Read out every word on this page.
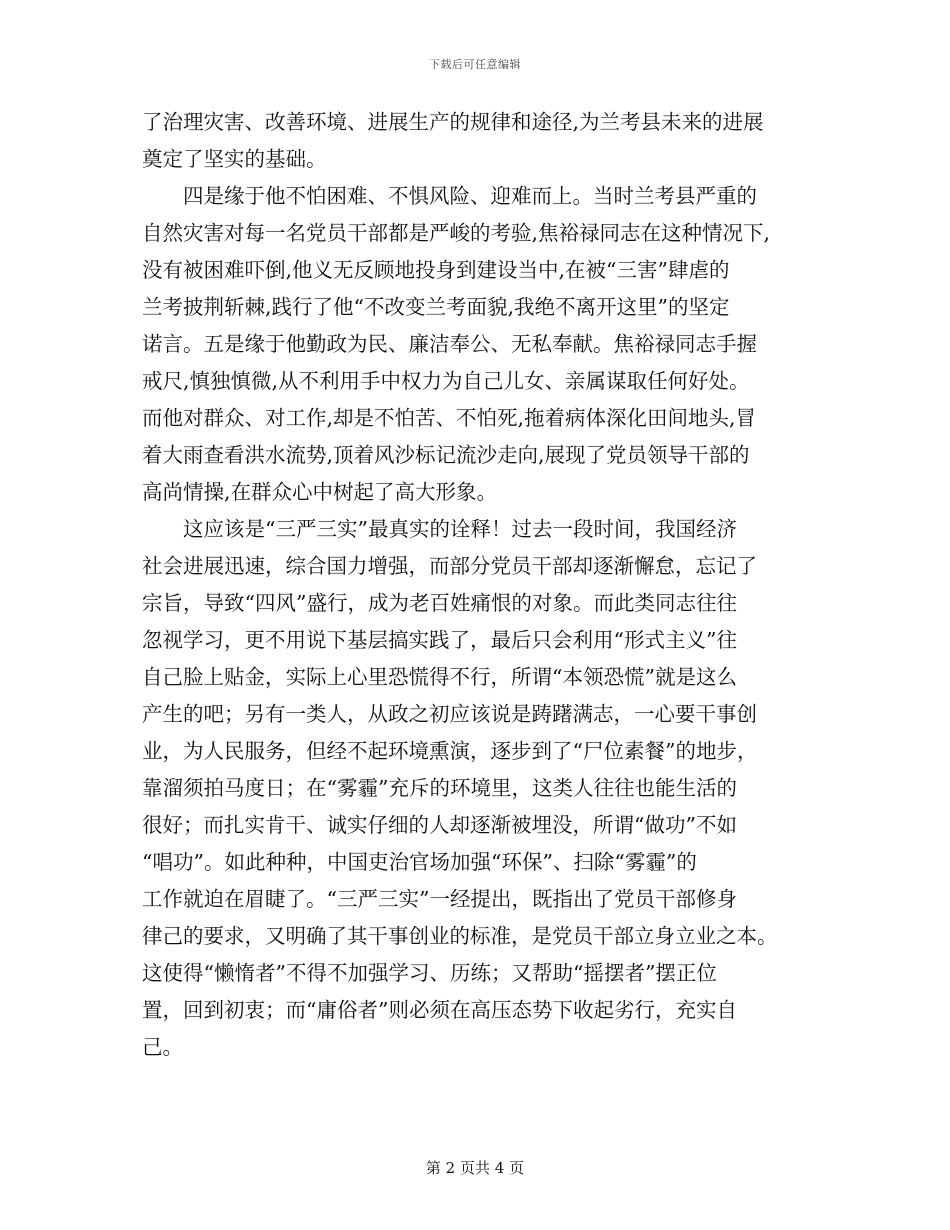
下载后可任意编辑
了治理灾害、改善环境、进展生产的规律和途径,为兰考县未来的进展
奠定了坚实的基础。
四是缘于他不怕困难、不惧风险、迎难而上。当时兰考县严重的
自然灾害对每一名党员干部都是严峻的考验,焦裕禄同志在这种情况下,
没有被困难吓倒,他义无反顾地投身到建设当中,在被“三害”肆虐的
兰考披荆斩棘,践行了他“不改变兰考面貌,我绝不离开这里”的坚定
诺言。五是缘于他勤政为民、廉洁奉公、无私奉献。焦裕禄同志手握
戒尺,慎独慎微,从不利用手中权力为自己儿女、亲属谋取任何好处。
而他对群众、对工作,却是不怕苦、不怕死,拖着病体深化田间地头,冒
着大雨查看洪水流势,顶着风沙标记流沙走向,展现了党员领导干部的
高尚情操,在群众心中树起了高大形象。
这应该是“三严三实”最真实的诠释！过去一段时间，我国经济
社会进展迅速，综合国力增强，而部分党员干部却逐渐懈怠，忘记了
宗旨，导致“四风”盛行，成为老百姓痛恨的对象。而此类同志往往
忽视学习，更不用说下基层搞实践了，最后只会利用“形式主义”往
自己脸上贴金，实际上心里恐慌得不行，所谓“本领恐慌”就是这么
产生的吧；另有一类人，从政之初应该说是踌躇满志，一心要干事创
业，为人民服务，但经不起环境熏演，逐步到了“尸位素餐”的地步，
靠溜须拍马度日；在“雾霾”充斥的环境里，这类人往往也能生活的
很好；而扎实肯干、诚实仔细的人却逐渐被埋没，所谓“做功”不如
“唱功”。如此种种，中国吏治官场加强“环保”、扫除“雾霾”的
工作就迫在眉睫了。“三严三实”一经提出，既指出了党员干部修身
律己的要求，又明确了其干事创业的标准，是党员干部立身立业之本。
这使得“懒惰者”不得不加强学习、历练；又帮助“摇摆者”摆正位
置，回到初衷；而“庸俗者”则必须在高压态势下收起劣行，充实自
己。
第 2 页共 4 页
